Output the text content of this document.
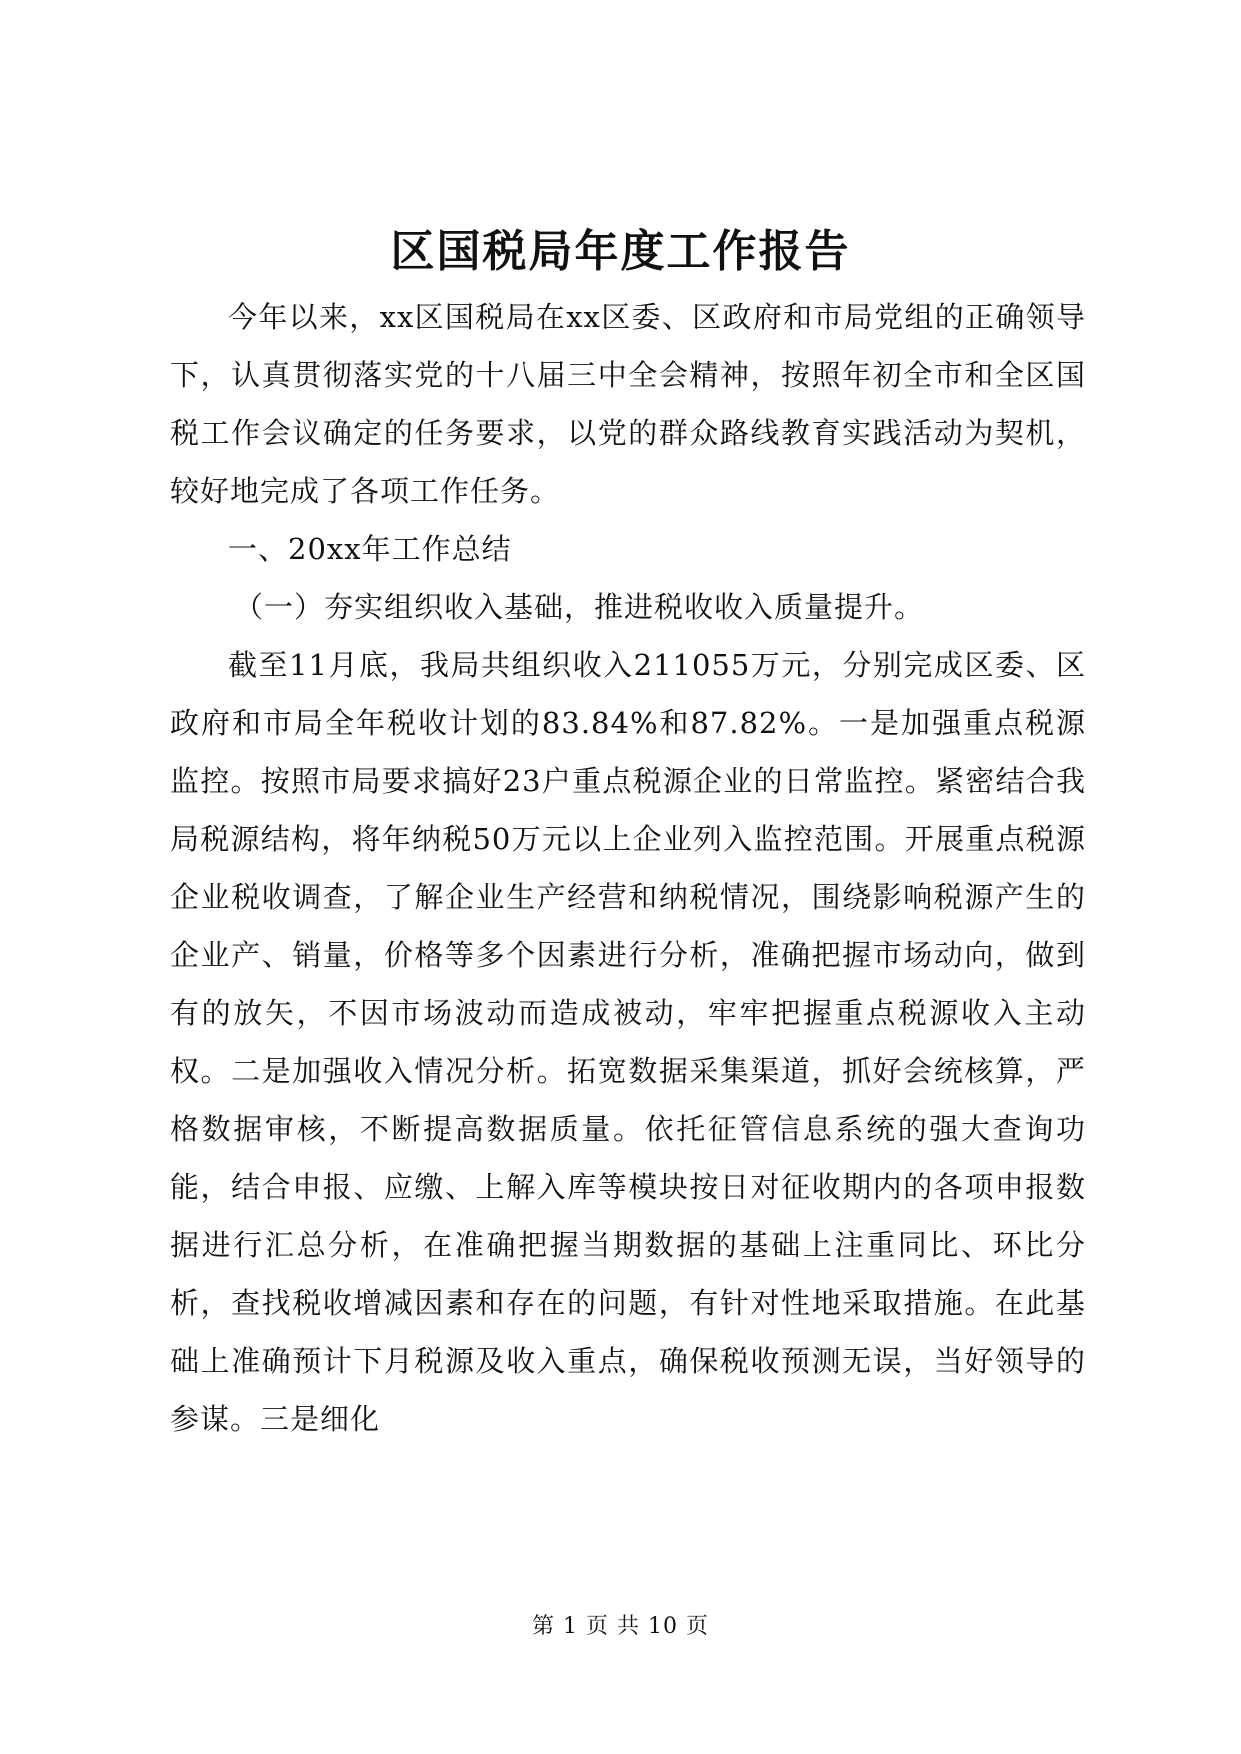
区国税局年度工作报告

今年以来，xx区国税局在xx区委、区政府和市局党组的正确领导下，认真贯彻落实党的十八届三中全会精神，按照年初全市和全区国税工作会议确定的任务要求，以党的群众路线教育实践活动为契机，较好地完成了各项工作任务。

一、20xx年工作总结

（一）夯实组织收入基础，推进税收收入质量提升。

截至11月底，我局共组织收入211055万元，分别完成区委、区政府和市局全年税收计划的83.84%和87.82%。一是加强重点税源监控。按照市局要求搞好23户重点税源企业的日常监控。紧密结合我局税源结构，将年纳税50万元以上企业列入监控范围。开展重点税源企业税收调查，了解企业生产经营和纳税情况，围绕影响税源产生的企业产、销量，价格等多个因素进行分析，准确把握市场动向，做到有的放矢，不因市场波动而造成被动，牢牢把握重点税源收入主动权。二是加强收入情况分析。拓宽数据采集渠道，抓好会统核算，严格数据审核，不断提高数据质量。依托征管信息系统的强大查询功能，结合申报、应缴、上解入库等模块按日对征收期内的各项申报数据进行汇总分析，在准确把握当期数据的基础上注重同比、环比分析，查找税收增减因素和存在的问题，有针对性地采取措施。在此基础上准确预计下月税源及收入重点，确保税收预测无误，当好领导的参谋。三是细化

第 1 页 共 10 页
